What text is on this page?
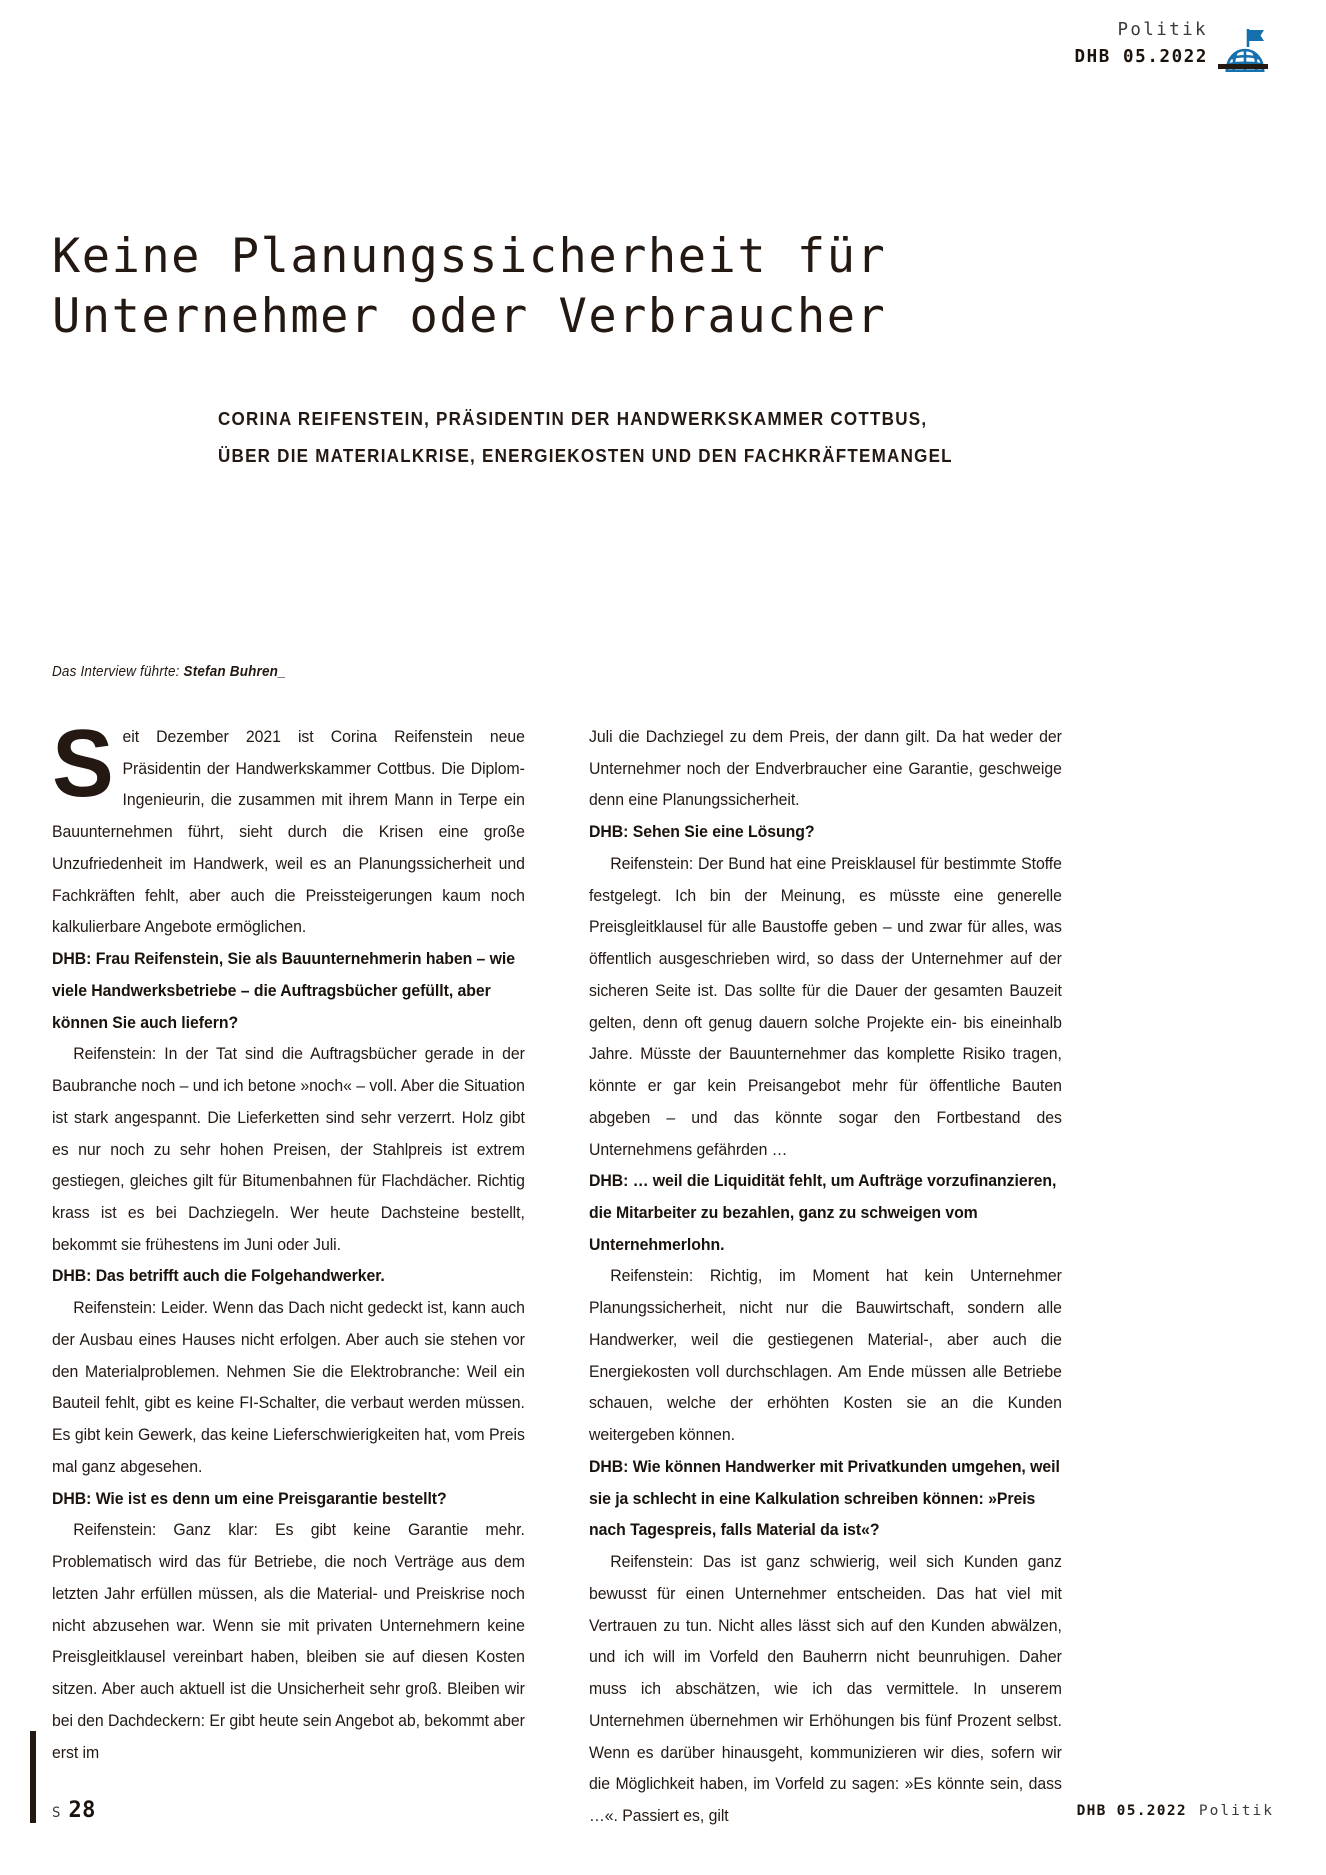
Politik
DHB 05.2022
Keine Planungssicherheit für
Unternehmer oder Verbraucher
CORINA REIFENSTEIN, PRÄSIDENTIN DER HANDWERKSKAMMER COTTBUS,
ÜBER DIE MATERIALKRISE, ENERGIEKOSTEN UND DEN FACHKRÄFTEMANGEL
Das Interview führte: Stefan Buhren_

Seit Dezember 2021 ist Corina Reifenstein neue Präsidentin der Handwerkskammer Cottbus. Die Diplom-Ingenieurin, die zusammen mit ihrem Mann in Terpe ein Bauunternehmen führt, sieht durch die Krisen eine große Unzufriedenheit im Handwerk, weil es an Planungssicherheit und Fachkräften fehlt, aber auch die Preissteigerungen kaum noch kalkulierbare Angebote ermöglichen.

DHB: Frau Reifenstein, Sie als Bauunternehmerin haben – wie viele Handwerksbetriebe – die Auftragsbücher gefüllt, aber können Sie auch liefern?

Reifenstein: In der Tat sind die Auftragsbücher gerade in der Baubranche noch – und ich betone »noch« – voll. Aber die Situation ist stark angespannt. Die Lieferketten sind sehr verzerrt. Holz gibt es nur noch zu sehr hohen Preisen, der Stahlpreis ist extrem gestiegen, gleiches gilt für Bitumenbahnen für Flachdächer. Richtig krass ist es bei Dachziegeln. Wer heute Dachsteine bestellt, bekommt sie frühestens im Juni oder Juli.

DHB: Das betrifft auch die Folgehandwerker.

Reifenstein: Leider. Wenn das Dach nicht gedeckt ist, kann auch der Ausbau eines Hauses nicht erfolgen. Aber auch sie stehen vor den Materialproblemen. Nehmen Sie die Elektrobranche: Weil ein Bauteil fehlt, gibt es keine FI-Schalter, die verbaut werden müssen. Es gibt kein Gewerk, das keine Lieferschwierigkeiten hat, vom Preis mal ganz abgesehen.

DHB: Wie ist es denn um eine Preisgarantie bestellt?

Reifenstein: Ganz klar: Es gibt keine Garantie mehr. Problematisch wird das für Betriebe, die noch Verträge aus dem letzten Jahr erfüllen müssen, als die Material- und Preiskrise noch nicht abzusehen war. Wenn sie mit privaten Unternehmern keine Preisgleitklausel vereinbart haben, bleiben sie auf diesen Kosten sitzen. Aber auch aktuell ist die Unsicherheit sehr groß. Bleiben wir bei den Dachdeckern: Er gibt heute sein Angebot ab, bekommt aber erst im

Juli die Dachziegel zu dem Preis, der dann gilt. Da hat weder der Unternehmer noch der Endverbraucher eine Garantie, geschweige denn eine Planungssicherheit.

DHB: Sehen Sie eine Lösung?

Reifenstein: Der Bund hat eine Preisklausel für bestimmte Stoffe festgelegt. Ich bin der Meinung, es müsste eine generelle Preisgleitklausel für alle Baustoffe geben – und zwar für alles, was öffentlich ausgeschrieben wird, so dass der Unternehmer auf der sicheren Seite ist. Das sollte für die Dauer der gesamten Bauzeit gelten, denn oft genug dauern solche Projekte ein- bis eineinhalb Jahre. Müsste der Bauunternehmer das komplette Risiko tragen, könnte er gar kein Preisangebot mehr für öffentliche Bauten abgeben – und das könnte sogar den Fortbestand des Unternehmens gefährden …

DHB: … weil die Liquidität fehlt, um Aufträge vorzufinanzieren, die Mitarbeiter zu bezahlen, ganz zu schweigen vom Unternehmerlohn.

Reifenstein: Richtig, im Moment hat kein Unternehmer Planungssicherheit, nicht nur die Bauwirtschaft, sondern alle Handwerker, weil die gestiegenen Material-, aber auch die Energiekosten voll durchschlagen. Am Ende müssen alle Betriebe schauen, welche der erhöhten Kosten sie an die Kunden weitergeben können.

DHB: Wie können Handwerker mit Privatkunden umgehen, weil sie ja schlecht in eine Kalkulation schreiben können: »Preis nach Tagespreis, falls Material da ist«?

Reifenstein: Das ist ganz schwierig, weil sich Kunden ganz bewusst für einen Unternehmer entscheiden. Das hat viel mit Vertrauen zu tun. Nicht alles lässt sich auf den Kunden abwälzen, und ich will im Vorfeld den Bauherrn nicht beunruhigen. Daher muss ich abschätzen, wie ich das vermittele. In unserem Unternehmen übernehmen wir Erhöhungen bis fünf Prozent selbst. Wenn es darüber hinausgeht, kommunizieren wir dies, sofern wir die Möglichkeit haben, im Vorfeld zu sagen: »Es könnte sein, dass …«. Passiert es, gilt

S 28	DHB 05.2022 Politik
